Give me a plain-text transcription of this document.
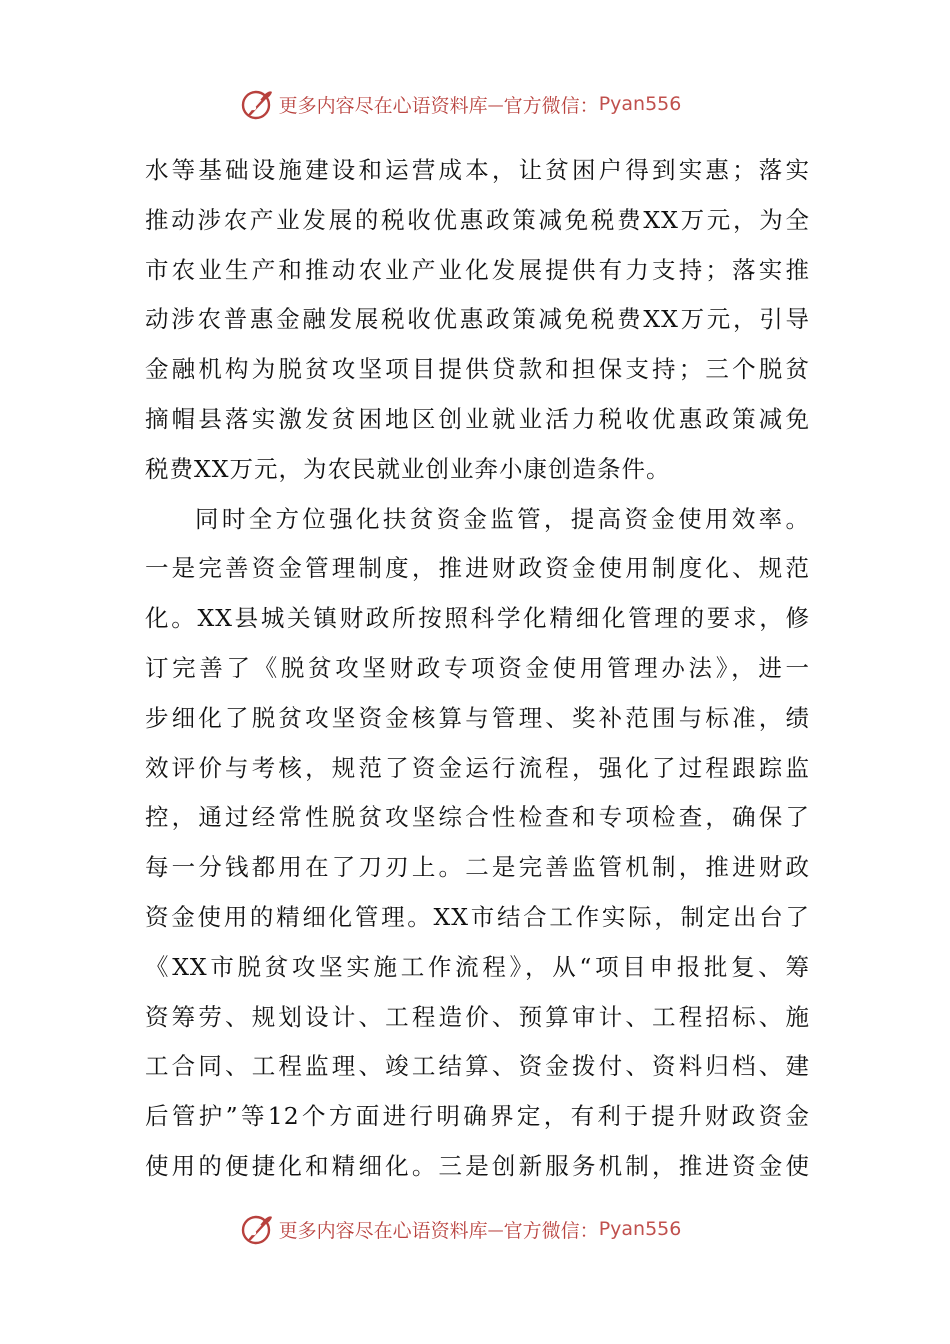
更多内容尽在心语资料库 — 官方微信： Pyan556
水等基础设施建设和运营成本，让贫困户得到实惠；落实
推动涉农产业发展的税收优惠政策减免税费XX万元，为全
市农业生产和推动农业产业化发展提供有力支持；落实推
动涉农普惠金融发展税收优惠政策减免税费XX万元，引导
金融机构为脱贫攻坚项目提供贷款和担保支持；三个脱贫
摘帽县落实激发贫困地区创业就业活力税收优惠政策减免
税费XX万元，为农民就业创业奔小康创造条件。
同时全方位强化扶贫资金监管，提高资金使用效率。
一是完善资金管理制度，推进财政资金使用制度化、规范
化。XX县城关镇财政所按照科学化精细化管理的要求，修
订完善了《脱贫攻坚财政专项资金使用管理办法》，进一
步细化了脱贫攻坚资金核算与管理、奖补范围与标准，绩
效评价与考核，规范了资金运行流程，强化了过程跟踪监
控，通过经常性脱贫攻坚综合性检查和专项检查，确保了
每一分钱都用在了刀刃上。二是完善监管机制，推进财政
资金使用的精细化管理。XX市结合工作实际，制定出台了
《XX市脱贫攻坚实施工作流程》，从“项目申报批复、筹
资筹劳、规划设计、工程造价、预算审计、工程招标、施
工合同、工程监理、竣工结算、资金拨付、资料归档、建
后管护”等12个方面进行明确界定，有利于提升财政资金
使用的便捷化和精细化。三是创新服务机制，推进资金使
更多内容尽在心语资料库 — 官方微信： Pyan556
